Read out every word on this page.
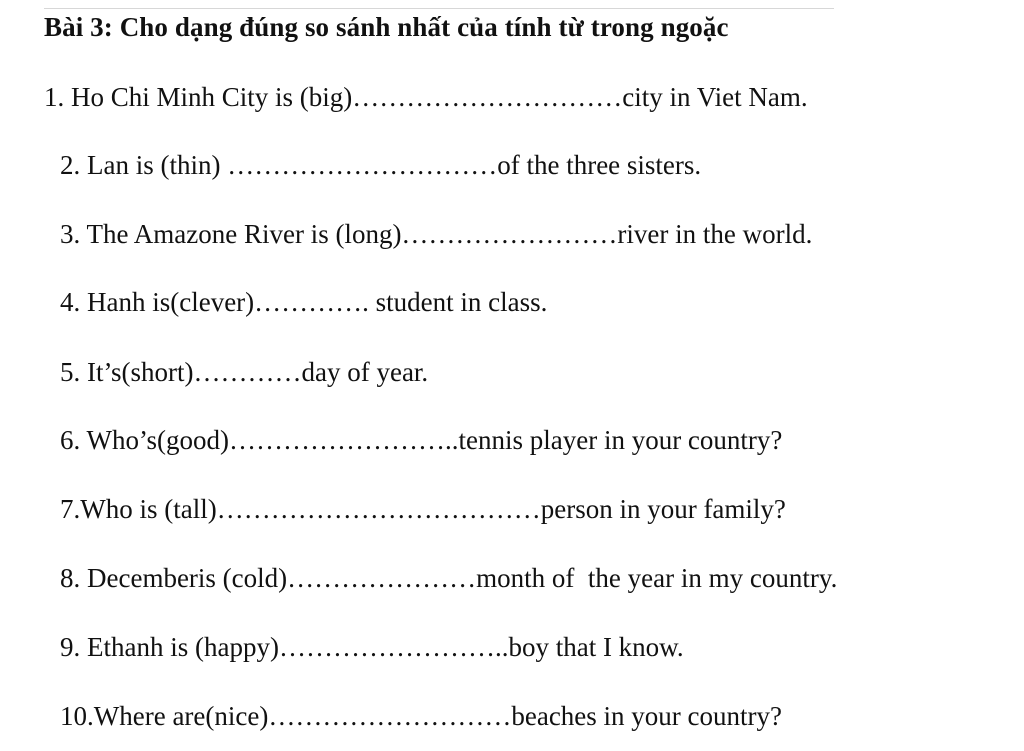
Bài 3: Cho dạng đúng so sánh nhất của tính từ trong ngoặc
1. Ho Chi Minh City is (big)…………………………city in Viet Nam.
2. Lan is (thin) …………………………of the three sisters.
3. The Amazone River is (long)……………………river in the world.
4. Hanh is(clever)…………. student in class.
5. It’s(short)…………day of year.
6. Who’s(good)……………………..tennis player in your country?
7.Who is (tall)………………………………person in your family?
8. Decemberis (cold)…………………month of  the year in my country.
9. Ethanh is (happy)……………………..boy that I know.
10.Where are(nice)………………………beaches in your country?
